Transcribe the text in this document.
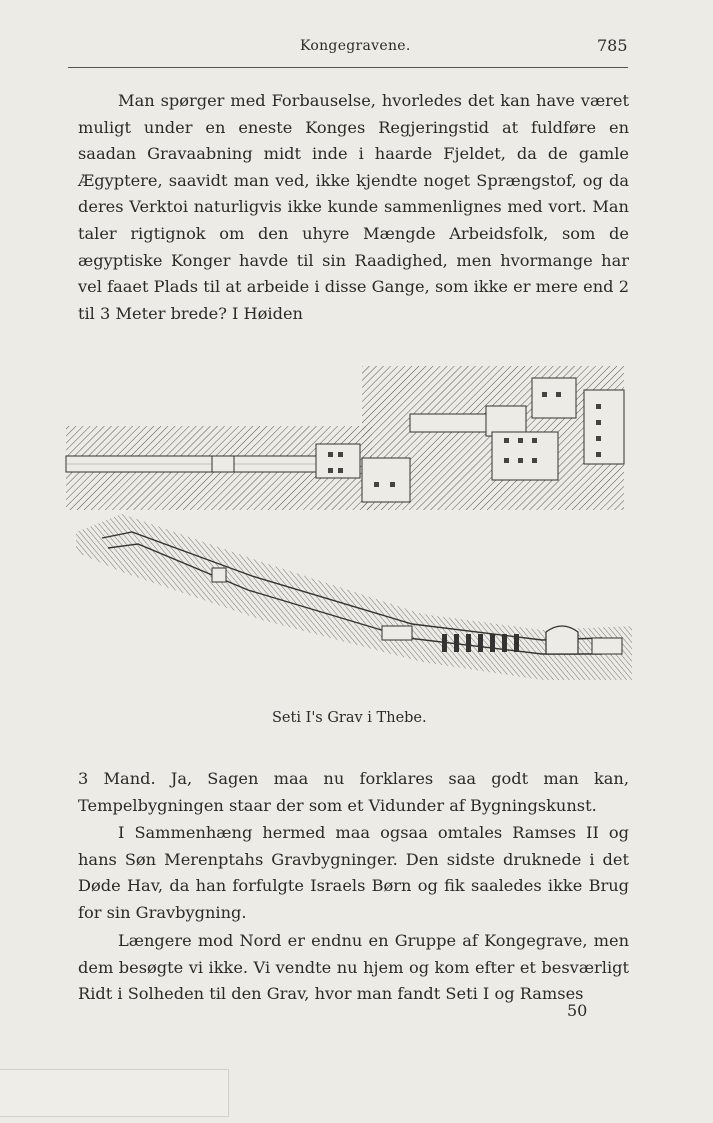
Kongegravene.	785

Man spørger med Forbauselse, hvorledes det kan have været muligt under en eneste Konges Regjeringstid at fuldføre en saadan Gravaabning midt inde i haarde Fjeldet, da de gamle Ægyptere, saavidt man ved, ikke kjendte noget Sprængstof, og da deres Verktoi naturligvis ikke kunde sammenlignes med vort. Man taler rigtignok om den uhyre Mængde Arbeidsfolk, som de ægyptiske Konger havde til sin Raadighed, men hvormange har vel faaet Plads til at arbeide i disse Gange, som ikke er mere end 2 til 3 Meter brede? I Høiden

Seti I's Grav i Thebe.

3 Mand. Ja, Sagen maa nu forklares saa godt man kan, Tempelbygningen staar der som et Vidunder af Bygningskunst.

I Sammenhæng hermed maa ogsaa omtales Ramses II og hans Søn Merenptahs Gravbygninger. Den sidste druknede i det Døde Hav, da han forfulgte Israels Børn og fik saaledes ikke Brug for sin Gravbygning.

Længere mod Nord er endnu en Gruppe af Kongegrave, men dem besøgte vi ikke. Vi vendte nu hjem og kom efter et besværligt Ridt i Solheden til den Grav, hvor man fandt Seti I og Ramses

50
